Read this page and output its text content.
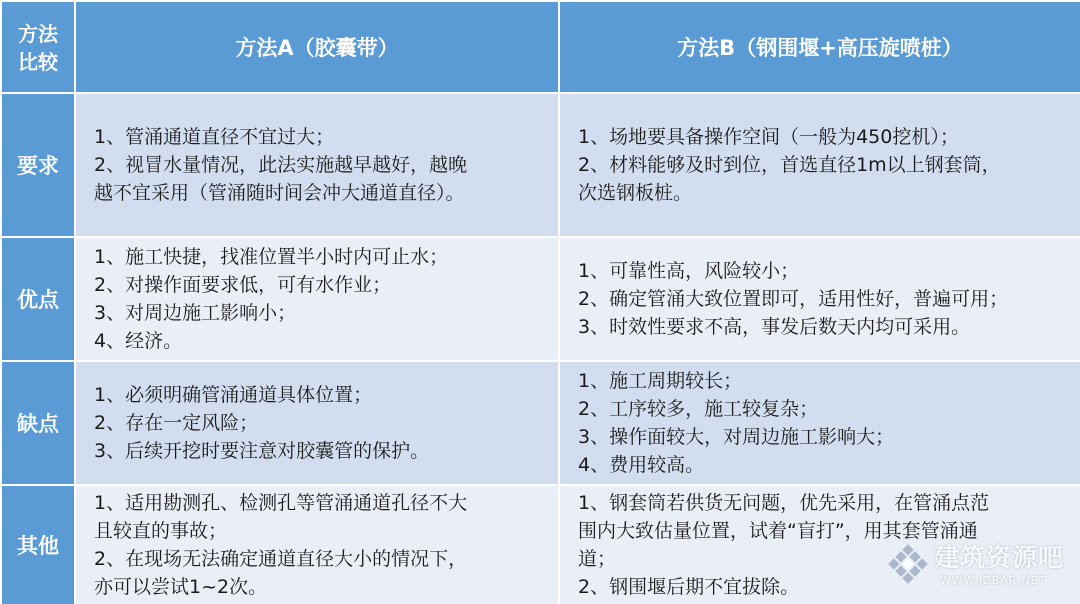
方法
比较	方法A（胶囊带）	方法B（钢围堰+高压旋喷桩）
要求	1、管涌通道直径不宜过大；
2、视冒水量情况，此法实施越早越好，越晚
越不宜采用（管涌随时间会冲大通道直径）。	1、场地要具备操作空间（一般为450挖机）；
2、材料能够及时到位，首选直径1m以上钢套筒，
次选钢板桩。

优点	1、施工快捷，找准位置半小时内可止水；
2、对操作面要求低，可有水作业；
3、对周边施工影响小；
4、经济。	1、可靠性高，风险较小；
2、确定管涌大致位置即可，适用性好，普遍可用；
3、时效性要求不高，事发后数天内均可采用。

缺点	1、必须明确管涌通道具体位置；
2、存在一定风险；
3、后续开挖时要注意对胶囊管的保护。	1、施工周期较长；
2、工序较多，施工较复杂；
3、操作面较大，对周边施工影响大；
4、费用较高。

其他	1、适用勘测孔、检测孔等管涌通道孔径不大
且较直的事故；
2、在现场无法确定通道直径大小的情况下，
亦可以尝试1~2次。	1、钢套筒若供货无问题，优先采用，在管涌点范
围内大致估量位置，试着“盲打”，用其套管涌通
道；
2、钢围堰后期不宜拔除。
建筑资源吧
WWW.JZBAR.NET
